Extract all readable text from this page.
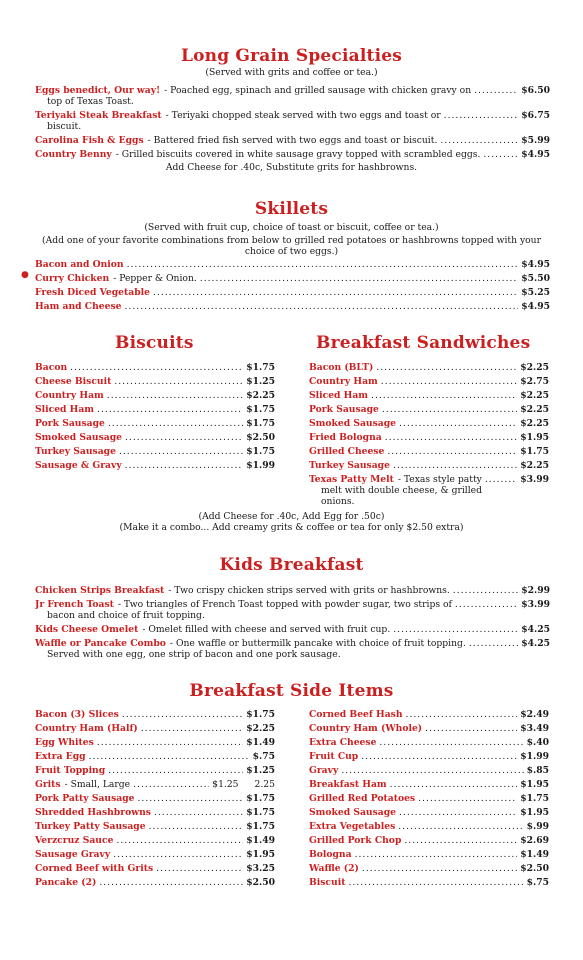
Long Grain Specialties
(Served with grits and coffee or tea.)
Eggs benedict, Our way! - Poached egg, spinach and grilled sausage with chicken gravy on .....	$6.50
top of Texas Toast.
Teriyaki Steak Breakfast - Teriyaki chopped steak served with two eggs and toast or .....	$6.75
biscuit.
Carolina Fish & Eggs - Battered fried fish served with two eggs and toast or biscuit. .....	$5.99
Country Benny - Grilled biscuits covered in white sausage gravy topped with scrambled eggs. .....	$4.95
Add Cheese for .40c, Substitute grits for hashbrowns.
Skillets
(Served with fruit cup, choice of toast or biscuit, coffee or tea.)
(Add one of your favorite combinations from below to grilled red potatoes or hashbrowns topped with your choice of two eggs.)
Bacon and Onion .....	$4.95
● Curry Chicken - Pepper & Onion. .....	$5.50
Fresh Diced Vegetable .....	$5.25
Ham and Cheese .....	$4.95
Biscuits
Bacon .....	$1.75
Cheese Biscuit .....	$1.25
Country Ham .....	$2.25
Sliced Ham .....	$1.75
Pork Sausage .....	$1.75
Smoked Sausage .....	$2.50
Turkey Sausage .....	$1.75
Sausage & Gravy .....	$1.99
Breakfast Sandwiches
Bacon (BLT) .....	$2.25
Country Ham .....	$2.75
Sliced Ham .....	$2.25
Pork Sausage .....	$2.25
Smoked Sausage .....	$2.25
Fried Bologna .....	$1.95
Grilled Cheese .....	$1.75
Turkey Sausage .....	$2.25
Texas Patty Melt - Texas style patty .....	$3.99
melt with double cheese, & grilled
onions.
(Add Cheese for .40c, Add Egg for .50c)
(Make it a combo... Add creamy grits & coffee or tea for only $2.50 extra)
Kids Breakfast
Chicken Strips Breakfast - Two crispy chicken strips served with grits or hashbrowns. .....	$2.99
Jr French Toast - Two triangles of French Toast topped with powder sugar, two strips of .....	$3.99
bacon and choice of fruit topping.
Kids Cheese Omelet - Omelet filled with cheese and served with fruit cup. .....	$4.25
Waffle or Pancake Combo - One waffle or buttermilk pancake with choice of fruit topping. .....	$4.25
Served with one egg, one strip of bacon and one pork sausage.
Breakfast Side Items
Bacon (3) Slices .....	$1.75
Country Ham (Half) .....	$2.25
Egg Whites .....	$1.49
Extra Egg .....	$.75
Fruit Topping .....	$1.25
Grits - Small, Large .....	$1.25 2.25
Pork Patty Sausage .....	$1.75
Shredded Hashbrowns .....	$1.75
Turkey Patty Sausage .....	$1.75
Verzcruz Sauce .....	$1.49
Sausage Gravy .....	$1.95
Corned Beef with Grits .....	$3.25
Pancake (2) .....	$2.50
Corned Beef Hash .....	$2.49
Country Ham (Whole) .....	$3.49
Extra Cheese .....	$.40
Fruit Cup .....	$1.99
Gravy .....	$.85
Breakfast Ham .....	$1.95
Grilled Red Potatoes .....	$1.75
Smoked Sausage .....	$1.95
Extra Vegetables .....	$.99
Grilled Pork Chop .....	$2.69
Bologna .....	$1.49
Waffle (2) .....	$2.50
Biscuit .....	$.75
